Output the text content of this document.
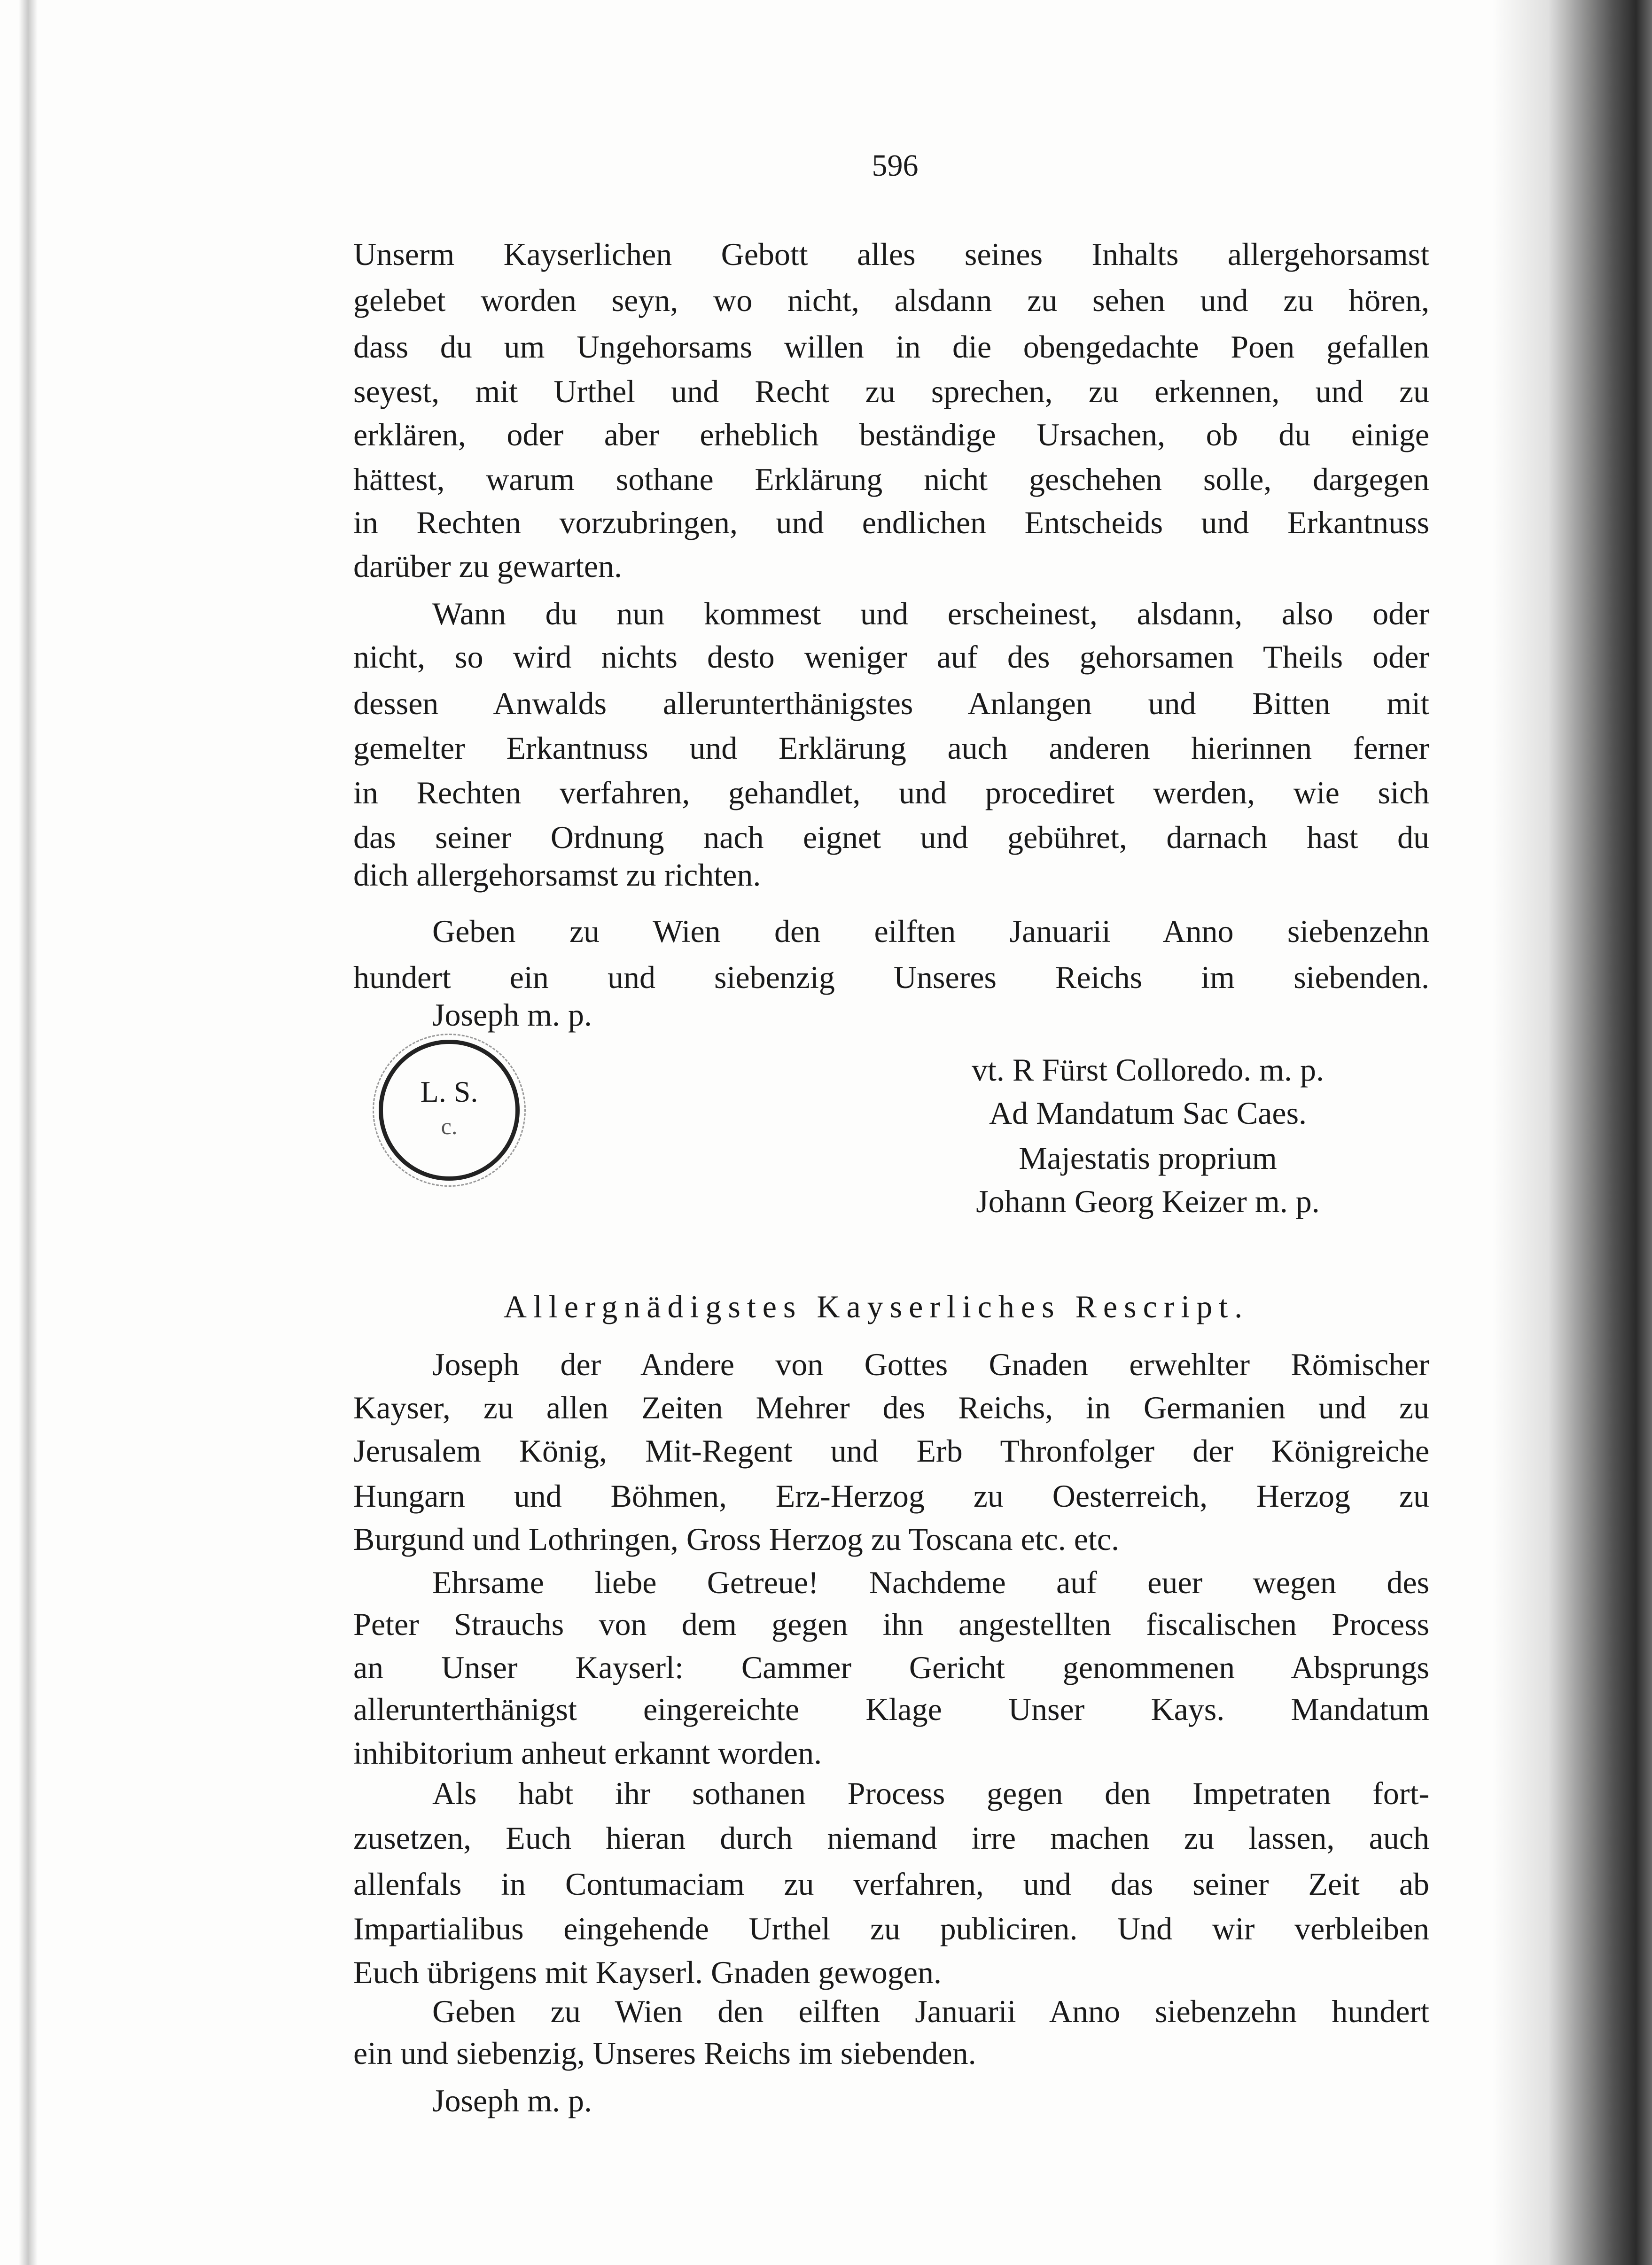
596
Unserm Kayserlichen Gebott alles seines Inhalts allergehorsamst
gelebet worden seyn, wo nicht, alsdann zu sehen und zu hören,
dass du um Ungehorsams willen in die obengedachte Poen gefallen
seyest, mit Urthel und Recht zu sprechen, zu erkennen, und zu
erklären, oder aber erheblich beständige Ursachen, ob du einige
hättest, warum sothane Erklärung nicht geschehen solle, dargegen
in Rechten vorzubringen, und endlichen Entscheids und Erkantnuss
darüber zu gewarten.
Wann du nun kommest und erscheinest, alsdann, also oder
nicht, so wird nichts desto weniger auf des gehorsamen Theils oder
dessen Anwalds allerunterthänigstes Anlangen und Bitten mit
gemelter Erkantnuss und Erklärung auch anderen hierinnen ferner
in Rechten verfahren, gehandlet, und procediret werden, wie sich
das seiner Ordnung nach eignet und gebühret, darnach hast du
dich allergehorsamst zu richten.
Geben zu Wien den eilften Januarii Anno siebenzehn
hundert ein und siebenzig Unseres Reichs im siebenden.
Joseph m. p.
L. S.
c.
vt. R Fürst Colloredo. m. p.
Ad Mandatum Sac Caes.
Majestatis proprium
Johann Georg Keizer m. p.
Allergnädigstes Kayserliches Rescript.
Joseph der Andere von Gottes Gnaden erwehlter Römischer
Kayser, zu allen Zeiten Mehrer des Reichs, in Germanien und zu
Jerusalem König, Mit-Regent und Erb Thronfolger der Königreiche
Hungarn und Böhmen, Erz-Herzog zu Oesterreich, Herzog zu
Burgund und Lothringen, Gross Herzog zu Toscana etc. etc.
Ehrsame liebe Getreue! Nachdeme auf euer wegen des
Peter Strauchs von dem gegen ihn angestellten fiscalischen Process
an Unser Kayserl: Cammer Gericht genommenen Absprungs
allerunterthänigst eingereichte Klage Unser Kays. Mandatum
inhibitorium anheut erkannt worden.
Als habt ihr sothanen Process gegen den Impetraten fort-
zusetzen, Euch hieran durch niemand irre machen zu lassen, auch
allenfals in Contumaciam zu verfahren, und das seiner Zeit ab
Impartialibus eingehende Urthel zu publiciren. Und wir verbleiben
Euch übrigens mit Kayserl. Gnaden gewogen.
Geben zu Wien den eilften Januarii Anno siebenzehn hundert
ein und siebenzig, Unseres Reichs im siebenden.
Joseph m. p.
